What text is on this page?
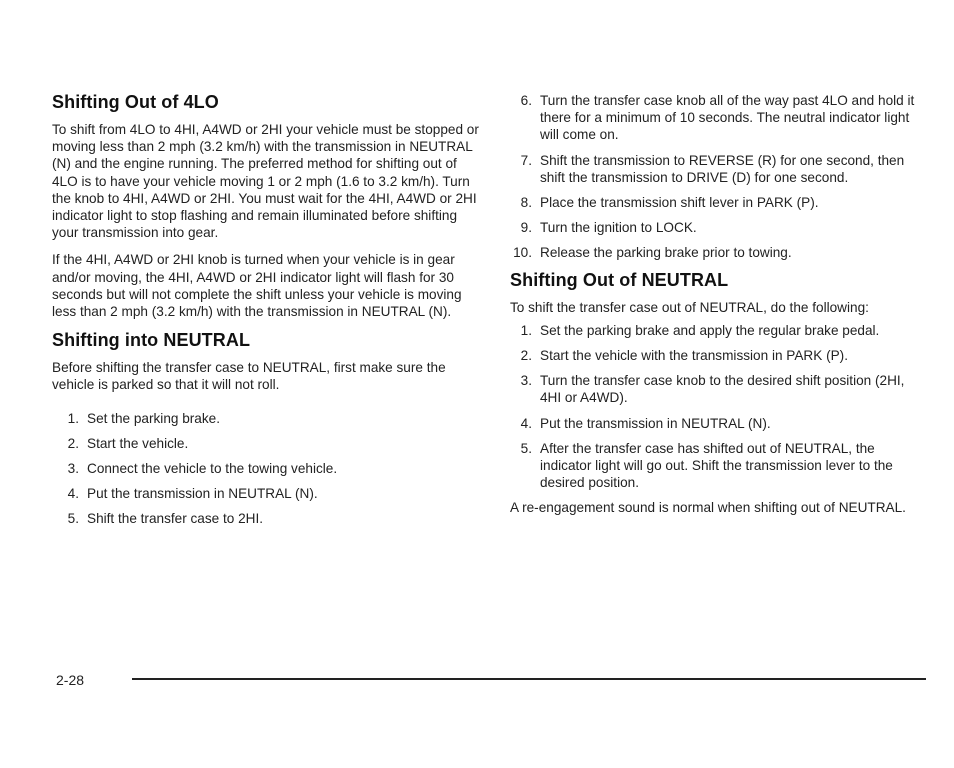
Shifting Out of 4LO

To shift from 4LO to 4HI, A4WD or 2HI your vehicle must be stopped or moving less than 2 mph (3.2 km/h) with the transmission in NEUTRAL (N) and the engine running. The preferred method for shifting out of 4LO is to have your vehicle moving 1 or 2 mph (1.6 to 3.2 km/h). Turn the knob to 4HI, A4WD or 2HI. You must wait for the 4HI, A4WD or 2HI indicator light to stop flashing and remain illuminated before shifting your transmission into gear.

If the 4HI, A4WD or 2HI knob is turned when your vehicle is in gear and/or moving, the 4HI, A4WD or 2HI indicator light will flash for 30 seconds but will not complete the shift unless your vehicle is moving less than 2 mph (3.2 km/h) with the transmission in NEUTRAL (N).

Shifting into NEUTRAL

Before shifting the transfer case to NEUTRAL, first make sure the vehicle is parked so that it will not roll.

1. Set the parking brake.
2. Start the vehicle.
3. Connect the vehicle to the towing vehicle.
4. Put the transmission in NEUTRAL (N).
5. Shift the transfer case to 2HI.
6. Turn the transfer case knob all of the way past 4LO and hold it there for a minimum of 10 seconds. The neutral indicator light will come on.
7. Shift the transmission to REVERSE (R) for one second, then shift the transmission to DRIVE (D) for one second.
8. Place the transmission shift lever in PARK (P).
9. Turn the ignition to LOCK.
10. Release the parking brake prior to towing.
Shifting Out of NEUTRAL

To shift the transfer case out of NEUTRAL, do the following:

1. Set the parking brake and apply the regular brake pedal.
2. Start the vehicle with the transmission in PARK (P).
3. Turn the transfer case knob to the desired shift position (2HI, 4HI or A4WD).
4. Put the transmission in NEUTRAL (N).
5. After the transfer case has shifted out of NEUTRAL, the indicator light will go out. Shift the transmission lever to the desired position.

A re-engagement sound is normal when shifting out of NEUTRAL.

2-28
